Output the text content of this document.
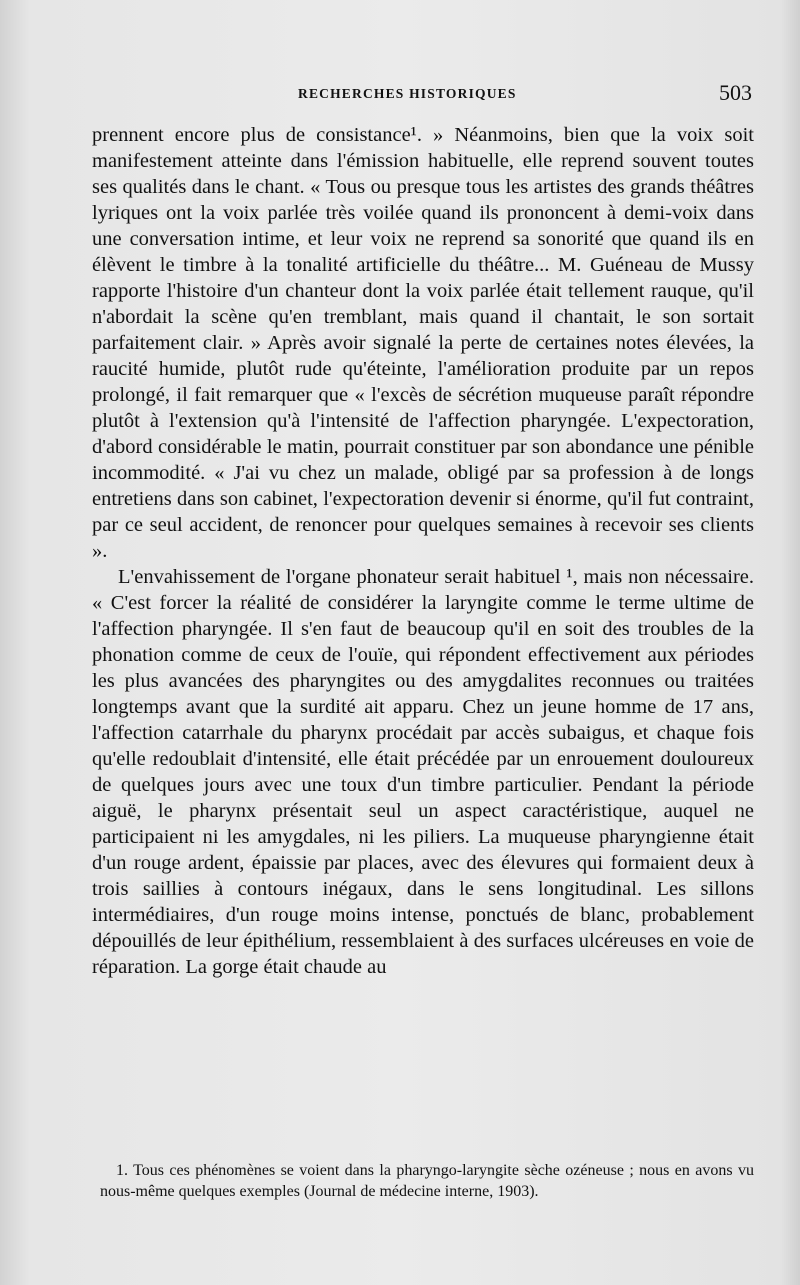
RECHERCHES HISTORIQUES	503

prennent encore plus de consistance¹. » Néanmoins, bien que la voix soit manifestement atteinte dans l'émission habituelle, elle reprend souvent toutes ses qualités dans le chant. « Tous ou presque tous les artistes des grands théâtres lyriques ont la voix parlée très voilée quand ils prononcent à demi-voix dans une conversation intime, et leur voix ne reprend sa sonorité que quand ils en élèvent le timbre à la tonalité artificielle du théâtre... M. Guéneau de Mussy rapporte l'histoire d'un chanteur dont la voix parlée était tellement rauque, qu'il n'abordait la scène qu'en tremblant, mais quand il chantait, le son sortait parfaitement clair. » Après avoir signalé la perte de certaines notes élevées, la raucité humide, plutôt rude qu'éteinte, l'amélioration produite par un repos prolongé, il fait remarquer que « l'excès de sécrétion muqueuse paraît répondre plutôt à l'extension qu'à l'intensité de l'affection pharyngée. L'expectoration, d'abord considérable le matin, pourrait constituer par son abondance une pénible incommodité. « J'ai vu chez un malade, obligé par sa profession à de longs entretiens dans son cabinet, l'expectoration devenir si énorme, qu'il fut contraint, par ce seul accident, de renoncer pour quelques semaines à recevoir ses clients ».

L'envahissement de l'organe phonateur serait habituel ¹, mais non nécessaire. « C'est forcer la réalité de considérer la laryngite comme le terme ultime de l'affection pharyngée. Il s'en faut de beaucoup qu'il en soit des troubles de la phonation comme de ceux de l'ouïe, qui répondent effectivement aux périodes les plus avancées des pharyngites ou des amygdalites reconnues ou traitées longtemps avant que la surdité ait apparu. Chez un jeune homme de 17 ans, l'affection catarrhale du pharynx procédait par accès subaigus, et chaque fois qu'elle redoublait d'intensité, elle était précédée par un enrouement douloureux de quelques jours avec une toux d'un timbre particulier. Pendant la période aiguë, le pharynx présentait seul un aspect caractéristique, auquel ne participaient ni les amygdales, ni les piliers. La muqueuse pharyngienne était d'un rouge ardent, épaissie par places, avec des élevures qui formaient deux à trois saillies à contours inégaux, dans le sens longitudinal. Les sillons intermédiaires, d'un rouge moins intense, ponctués de blanc, probablement dépouillés de leur épithélium, ressemblaient à des surfaces ulcéreuses en voie de réparation. La gorge était chaude au

1. Tous ces phénomènes se voient dans la pharyngo-laryngite sèche ozéneuse ; nous en avons vu nous-même quelques exemples (Journal de médecine interne, 1903).
